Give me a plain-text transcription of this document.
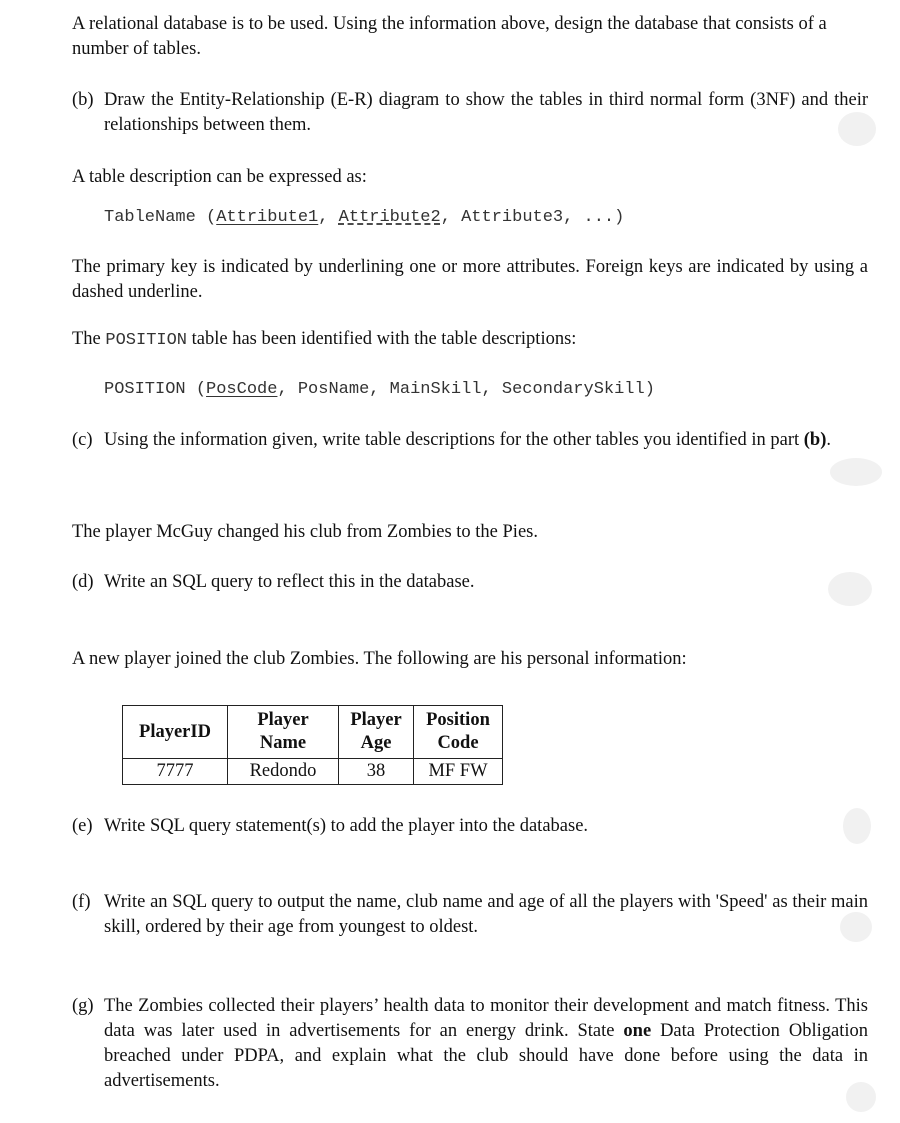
A relational database is to be used. Using the information above, design the database that consists of a number of tables.

(b) Draw the Entity-Relationship (E-R) diagram to show the tables in third normal form (3NF) and their relationships between them.

A table description can be expressed as:

TableName (Attribute1, Attribute2, Attribute3, ...)

The primary key is indicated by underlining one or more attributes. Foreign keys are indicated by using a dashed underline.

The POSITION table has been identified with the table descriptions:

POSITION (PosCode, PosName, MainSkill, SecondarySkill)

(c) Using the information given, write table descriptions for the other tables you identified in part (b).

The player McGuy changed his club from Zombies to the Pies.

(d) Write an SQL query to reflect this in the database.

A new player joined the club Zombies. The following are his personal information:

PlayerID	Player Name	Player Age	Position Code
7777	Redondo	38	MF FW
(e) Write SQL query statement(s) to add the player into the database.
(f) Write an SQL query to output the name, club name and age of all the players with 'Speed' as their main skill, ordered by their age from youngest to oldest.
(g) The Zombies collected their players’ health data to monitor their development and match fitness. This data was later used in advertisements for an energy drink. State one Data Protection Obligation breached under PDPA, and explain what the club should have done before using the data in advertisements.
